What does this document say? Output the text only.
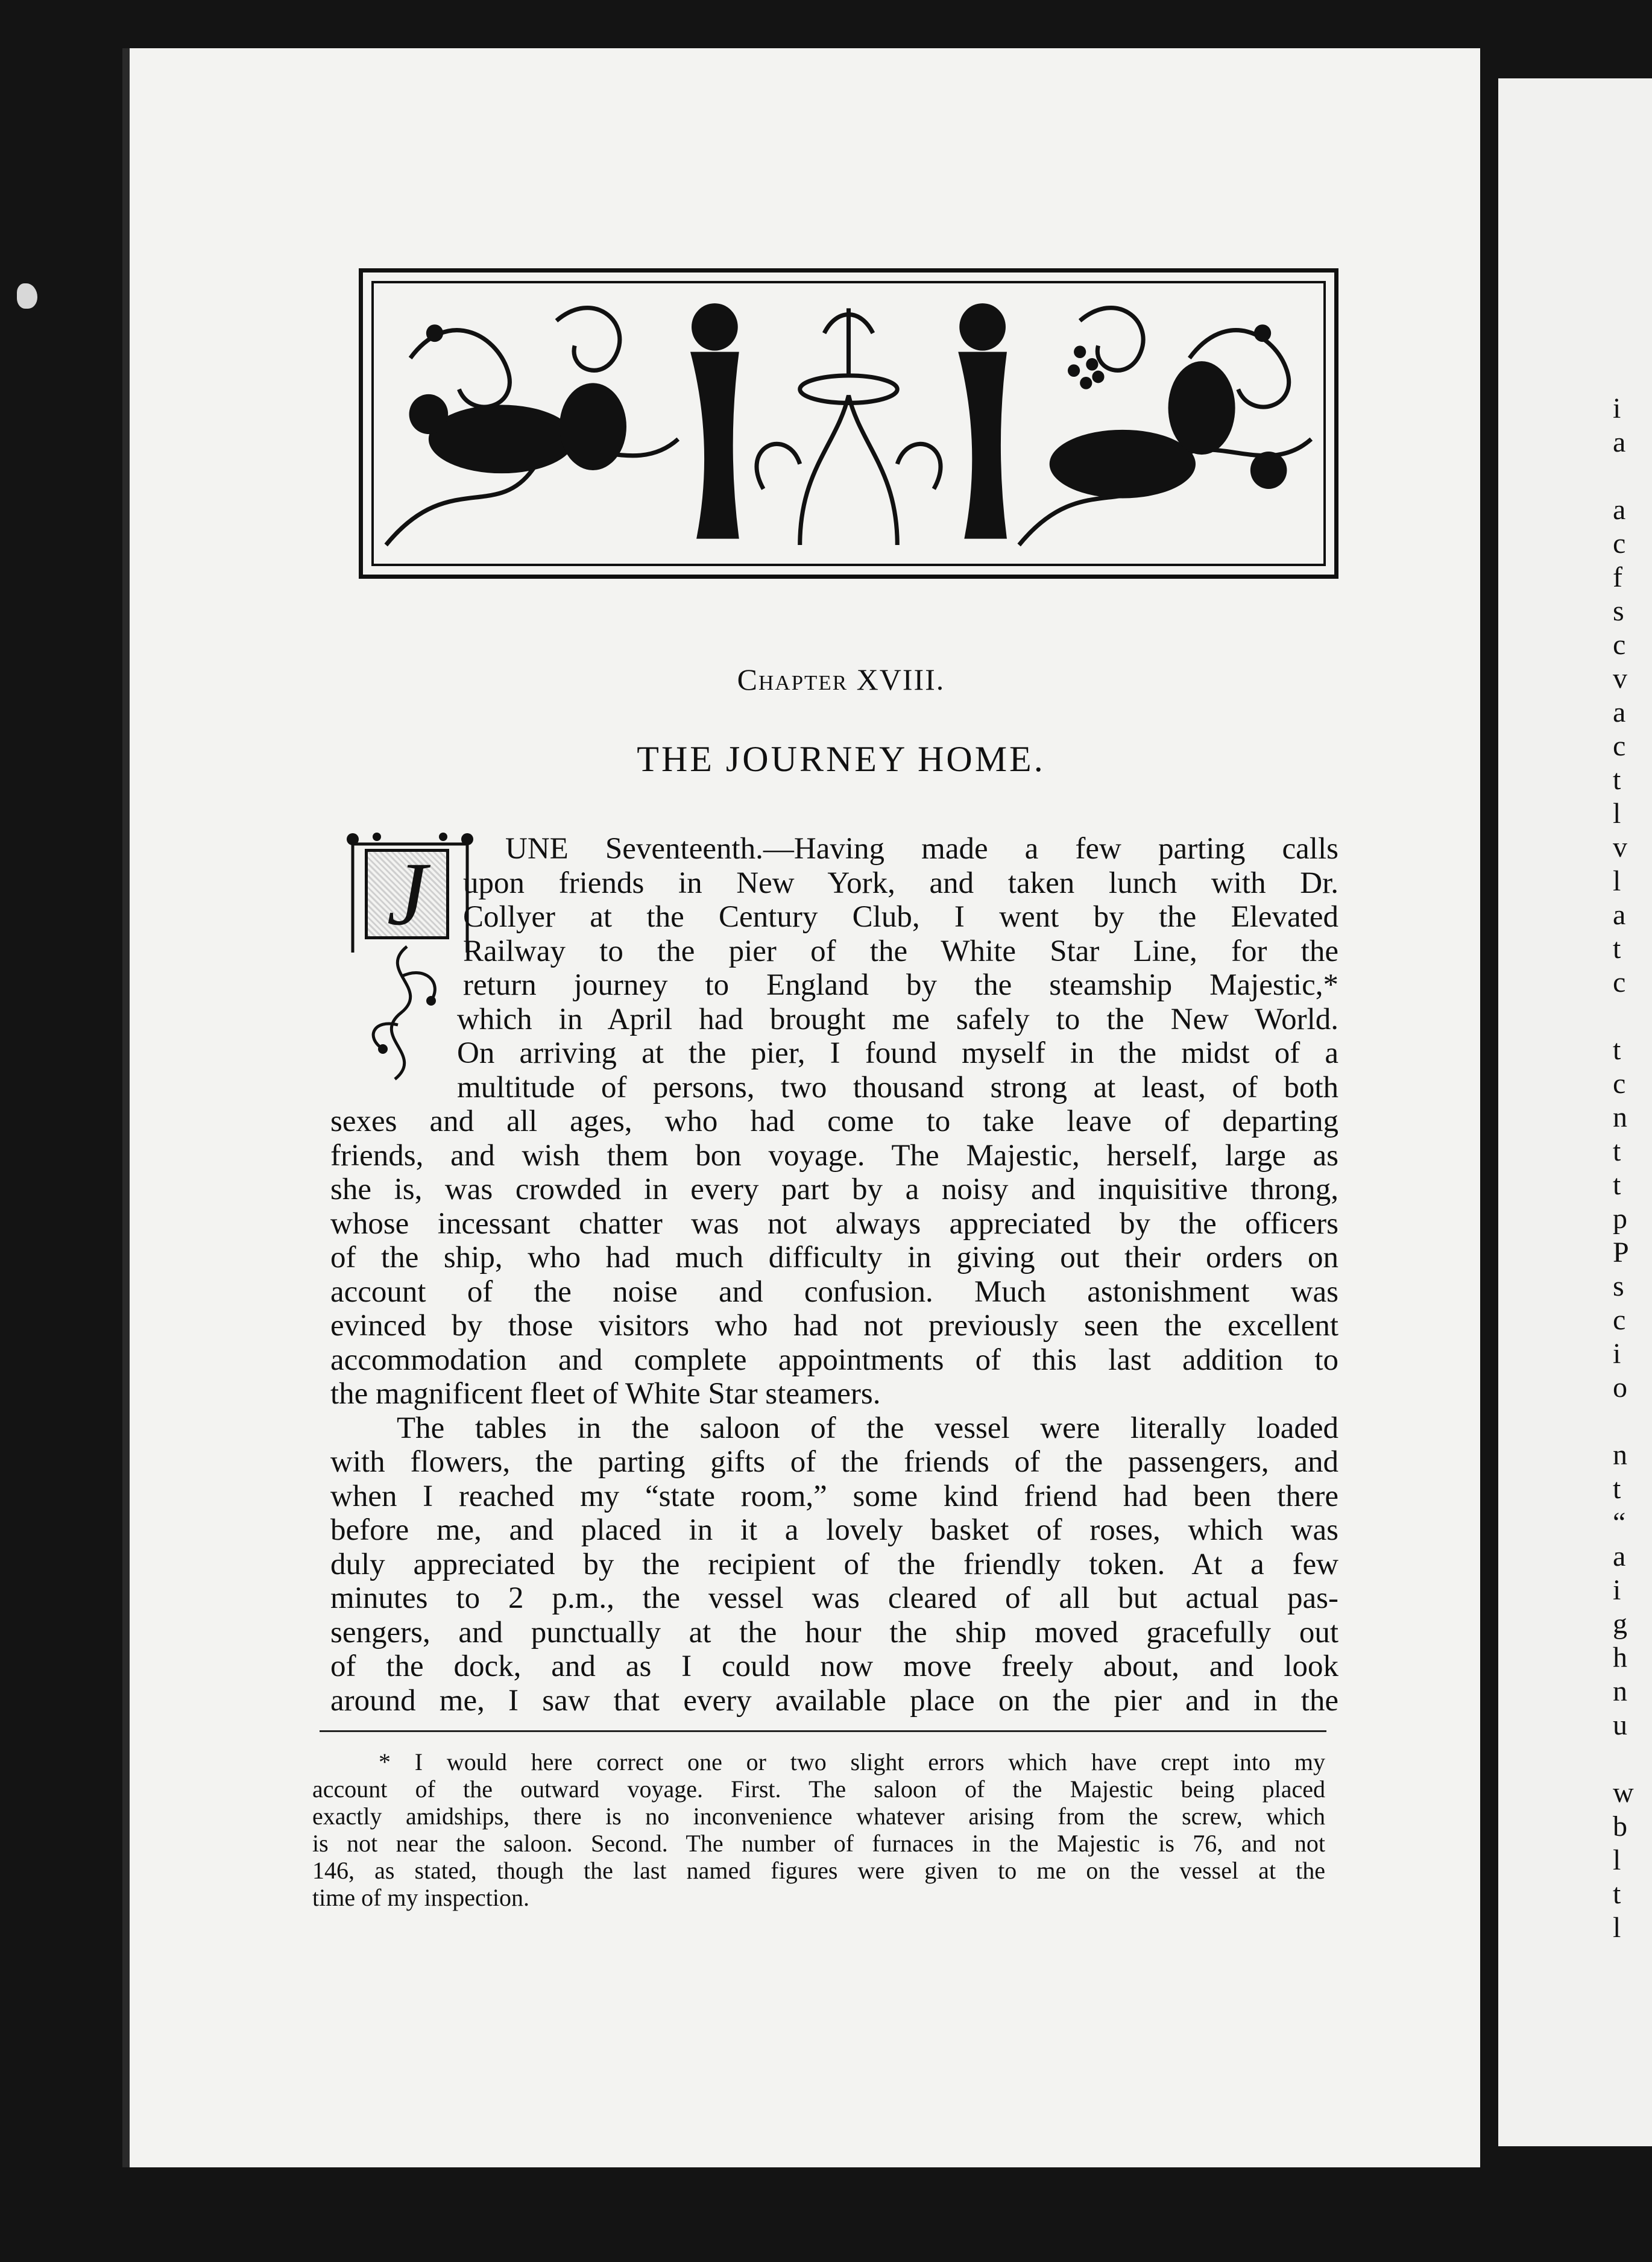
i
a

a
c
f
s
c
v
a
c
t
l
v
l
a
t
c

t
c
n
t
t
p
P
s
c
i
o

n
t
“
a
i
g
h
n
u

w
b
l
t
l
Chapter XVIII.
THE JOURNEY HOME.
J	UNE Seventeenth.—Having made a few parting calls
upon friends in New York, and taken lunch with Dr.
Collyer at the Century Club, I went by the Elevated
Railway to the pier of the White Star Line, for the
return journey to England by the steamship Majestic,*
which in April had brought me safely to the New World.
On arriving at the pier, I found myself in the midst of a
multitude of persons, two thousand strong at least, of both
sexes and all ages, who had come to take leave of departing
friends, and wish them bon voyage. The Majestic, herself, large as
she is, was crowded in every part by a noisy and inquisitive throng,
whose incessant chatter was not always appreciated by the officers
of the ship, who had much difficulty in giving out their orders on
account of the noise and confusion. Much astonishment was
evinced by those visitors who had not previously seen the excellent
accommodation and complete appointments of this last addition to
the magnificent fleet of White Star steamers.

The tables in the saloon of the vessel were literally loaded
with flowers, the parting gifts of the friends of the passengers, and
when I reached my “state room,” some kind friend had been there
before me, and placed in it a lovely basket of roses, which was
duly appreciated by the recipient of the friendly token. At a few
minutes to 2 p.m., the vessel was cleared of all but actual pas-
sengers, and punctually at the hour the ship moved gracefully out
of the dock, and as I could now move freely about, and look
around me, I saw that every available place on the pier and in the

* I would here correct one or two slight errors which have crept into my
account of the outward voyage. First. The saloon of the Majestic being placed
exactly amidships, there is no inconvenience whatever arising from the screw, which
is not near the saloon. Second. The number of furnaces in the Majestic is 76, and not
146, as stated, though the last named figures were given to me on the vessel at the
time of my inspection.
